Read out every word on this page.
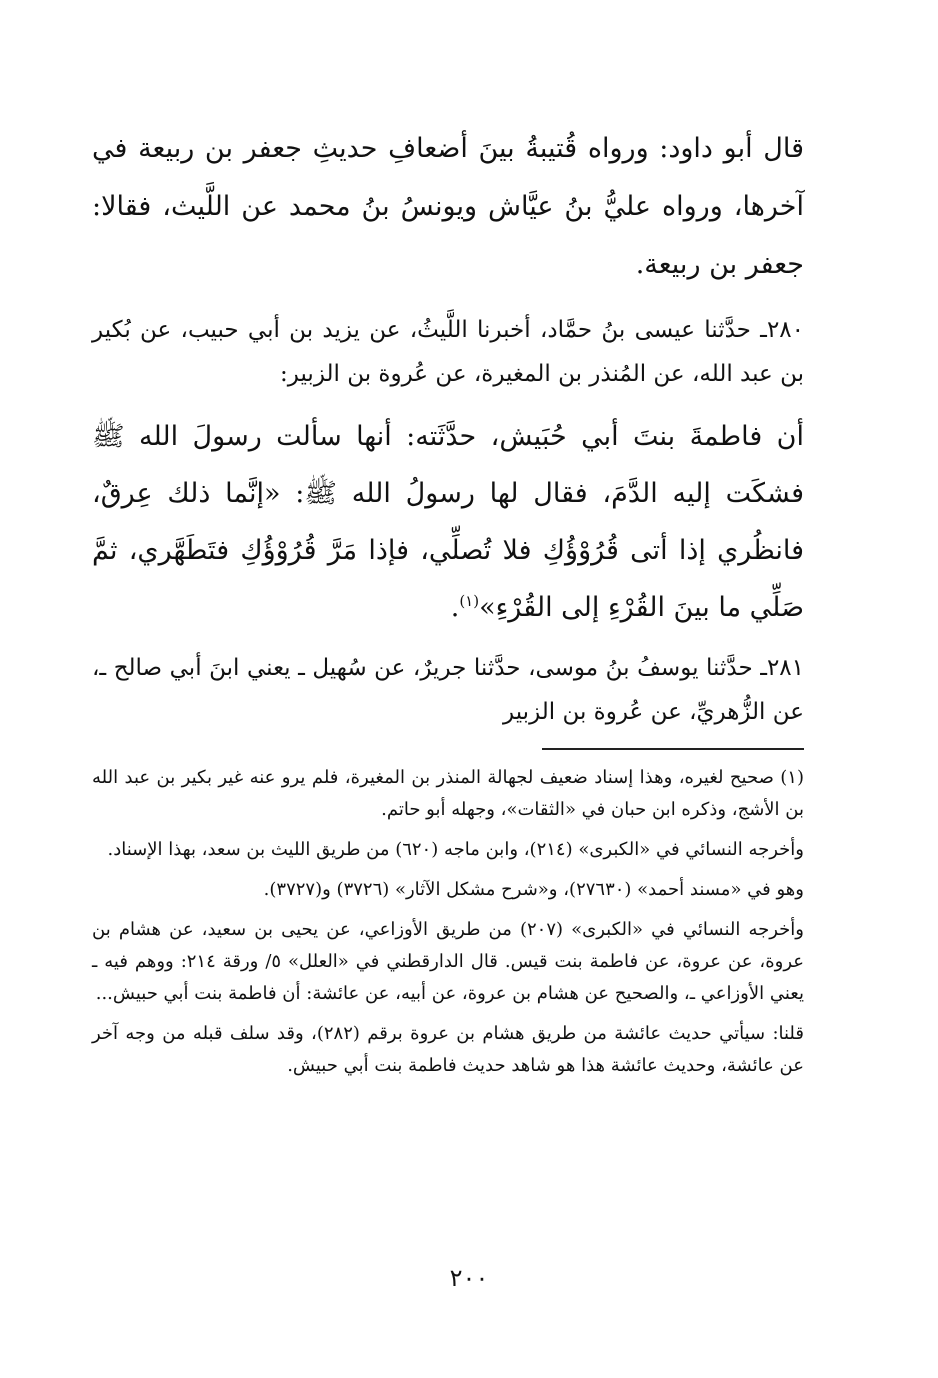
قال أبو داود: ورواه قُتيبةُ بينَ أضعافِ حديثِ جعفر بن ربيعة في آخرها، ورواه عليُّ بنُ عيَّاش ويونسُ بنُ محمد عن اللَّيث، فقالا: جعفر بن ربيعة.

٢٨٠ـ حدَّثنا عيسى بنُ حمَّاد، أخبرنا اللَّيثُ، عن يزيد بن أبي حبيب، عن بُكير بن عبد الله، عن المُنذر بن المغيرة، عن عُروة بن الزبير:

أن فاطمةَ بنتَ أبي حُبَيش، حدَّثَته: أنها سألت رسولَ الله ﷺ فشكَت إليه الدَّمَ، فقال لها رسولُ الله ﷺ: «إنَّما ذلك عِرقٌ، فانظُري إذا أتى قُرُوْؤُكِ فلا تُصلِّي، فإذا مَرَّ قُرُوْؤُكِ فتَطَهَّري، ثمَّ صَلِّي ما بينَ القُرْءِ إلى القُرْءِ»$^{(١)}$.

٢٨١ـ حدَّثنا يوسفُ بنُ موسى، حدَّثنا جريرٌ، عن سُهيل ـ يعني ابنَ أبي صالح ـ، عن الزُّهريِّ، عن عُروة بن الزبير

(١) صحيح لغيره، وهذا إسناد ضعيف لجهالة المنذر بن المغيرة، فلم يرو عنه غير بكير بن عبد الله بن الأشج، وذكره ابن حبان في «الثقات»، وجهله أبو حاتم.

وأخرجه النسائي في «الكبرى» (٢١٤)، وابن ماجه (٦٢٠) من طريق الليث بن سعد، بهذا الإسناد.

وهو في «مسند أحمد» (٢٧٦٣٠)، و«شرح مشكل الآثار» (٣٧٢٦) و(٣٧٢٧).

وأخرجه النسائي في «الكبرى» (٢٠٧) من طريق الأوزاعي، عن يحيى بن سعيد، عن هشام بن عروة، عن عروة، عن فاطمة بنت قيس. قال الدارقطني في «العلل» ٥/ ورقة ٢١٤: ووهم فيه ـ يعني الأوزاعي ـ، والصحيح عن هشام بن عروة، عن أبيه، عن عائشة: أن فاطمة بنت أبي حبيش...

قلنا: سيأتي حديث عائشة من طريق هشام بن عروة برقم (٢٨٢)، وقد سلف قبله من وجه آخر عن عائشة، وحديث عائشة هذا هو شاهد حديث فاطمة بنت أبي حبيش.

٢٠٠
